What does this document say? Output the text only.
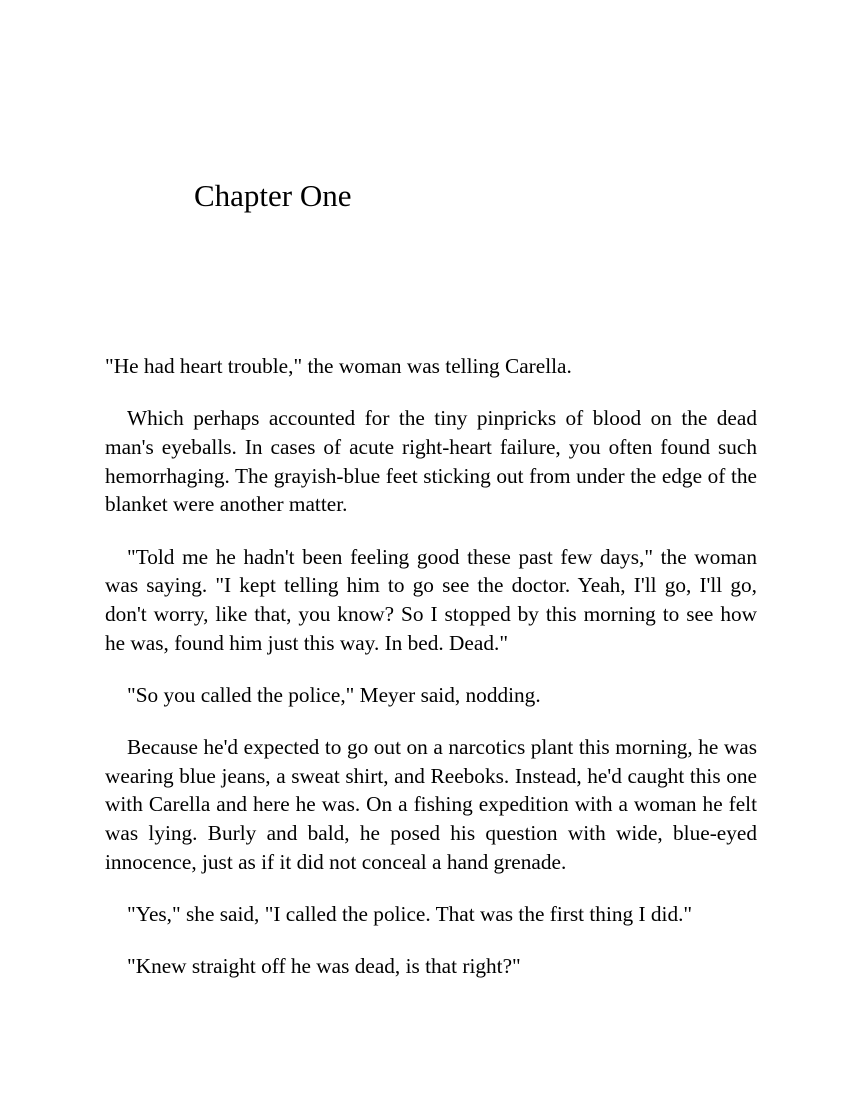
Chapter One

"He had heart trouble," the woman was telling Carella.

Which perhaps accounted for the tiny pinpricks of blood on the dead man's eyeballs. In cases of acute right-heart failure, you often found such hemorrhaging. The grayish-blue feet sticking out from under the edge of the blanket were another matter.

"Told me he hadn't been feeling good these past few days," the woman was saying. "I kept telling him to go see the doctor. Yeah, I'll go, I'll go, don't worry, like that, you know? So I stopped by this morning to see how he was, found him just this way. In bed. Dead."

"So you called the police," Meyer said, nodding.

Because he'd expected to go out on a narcotics plant this morning, he was wearing blue jeans, a sweat shirt, and Reeboks. Instead, he'd caught this one with Carella and here he was. On a fishing expedition with a woman he felt was lying. Burly and bald, he posed his question with wide, blue-eyed innocence, just as if it did not conceal a hand grenade.

"Yes," she said, "I called the police. That was the first thing I did."

"Knew straight off he was dead, is that right?"
